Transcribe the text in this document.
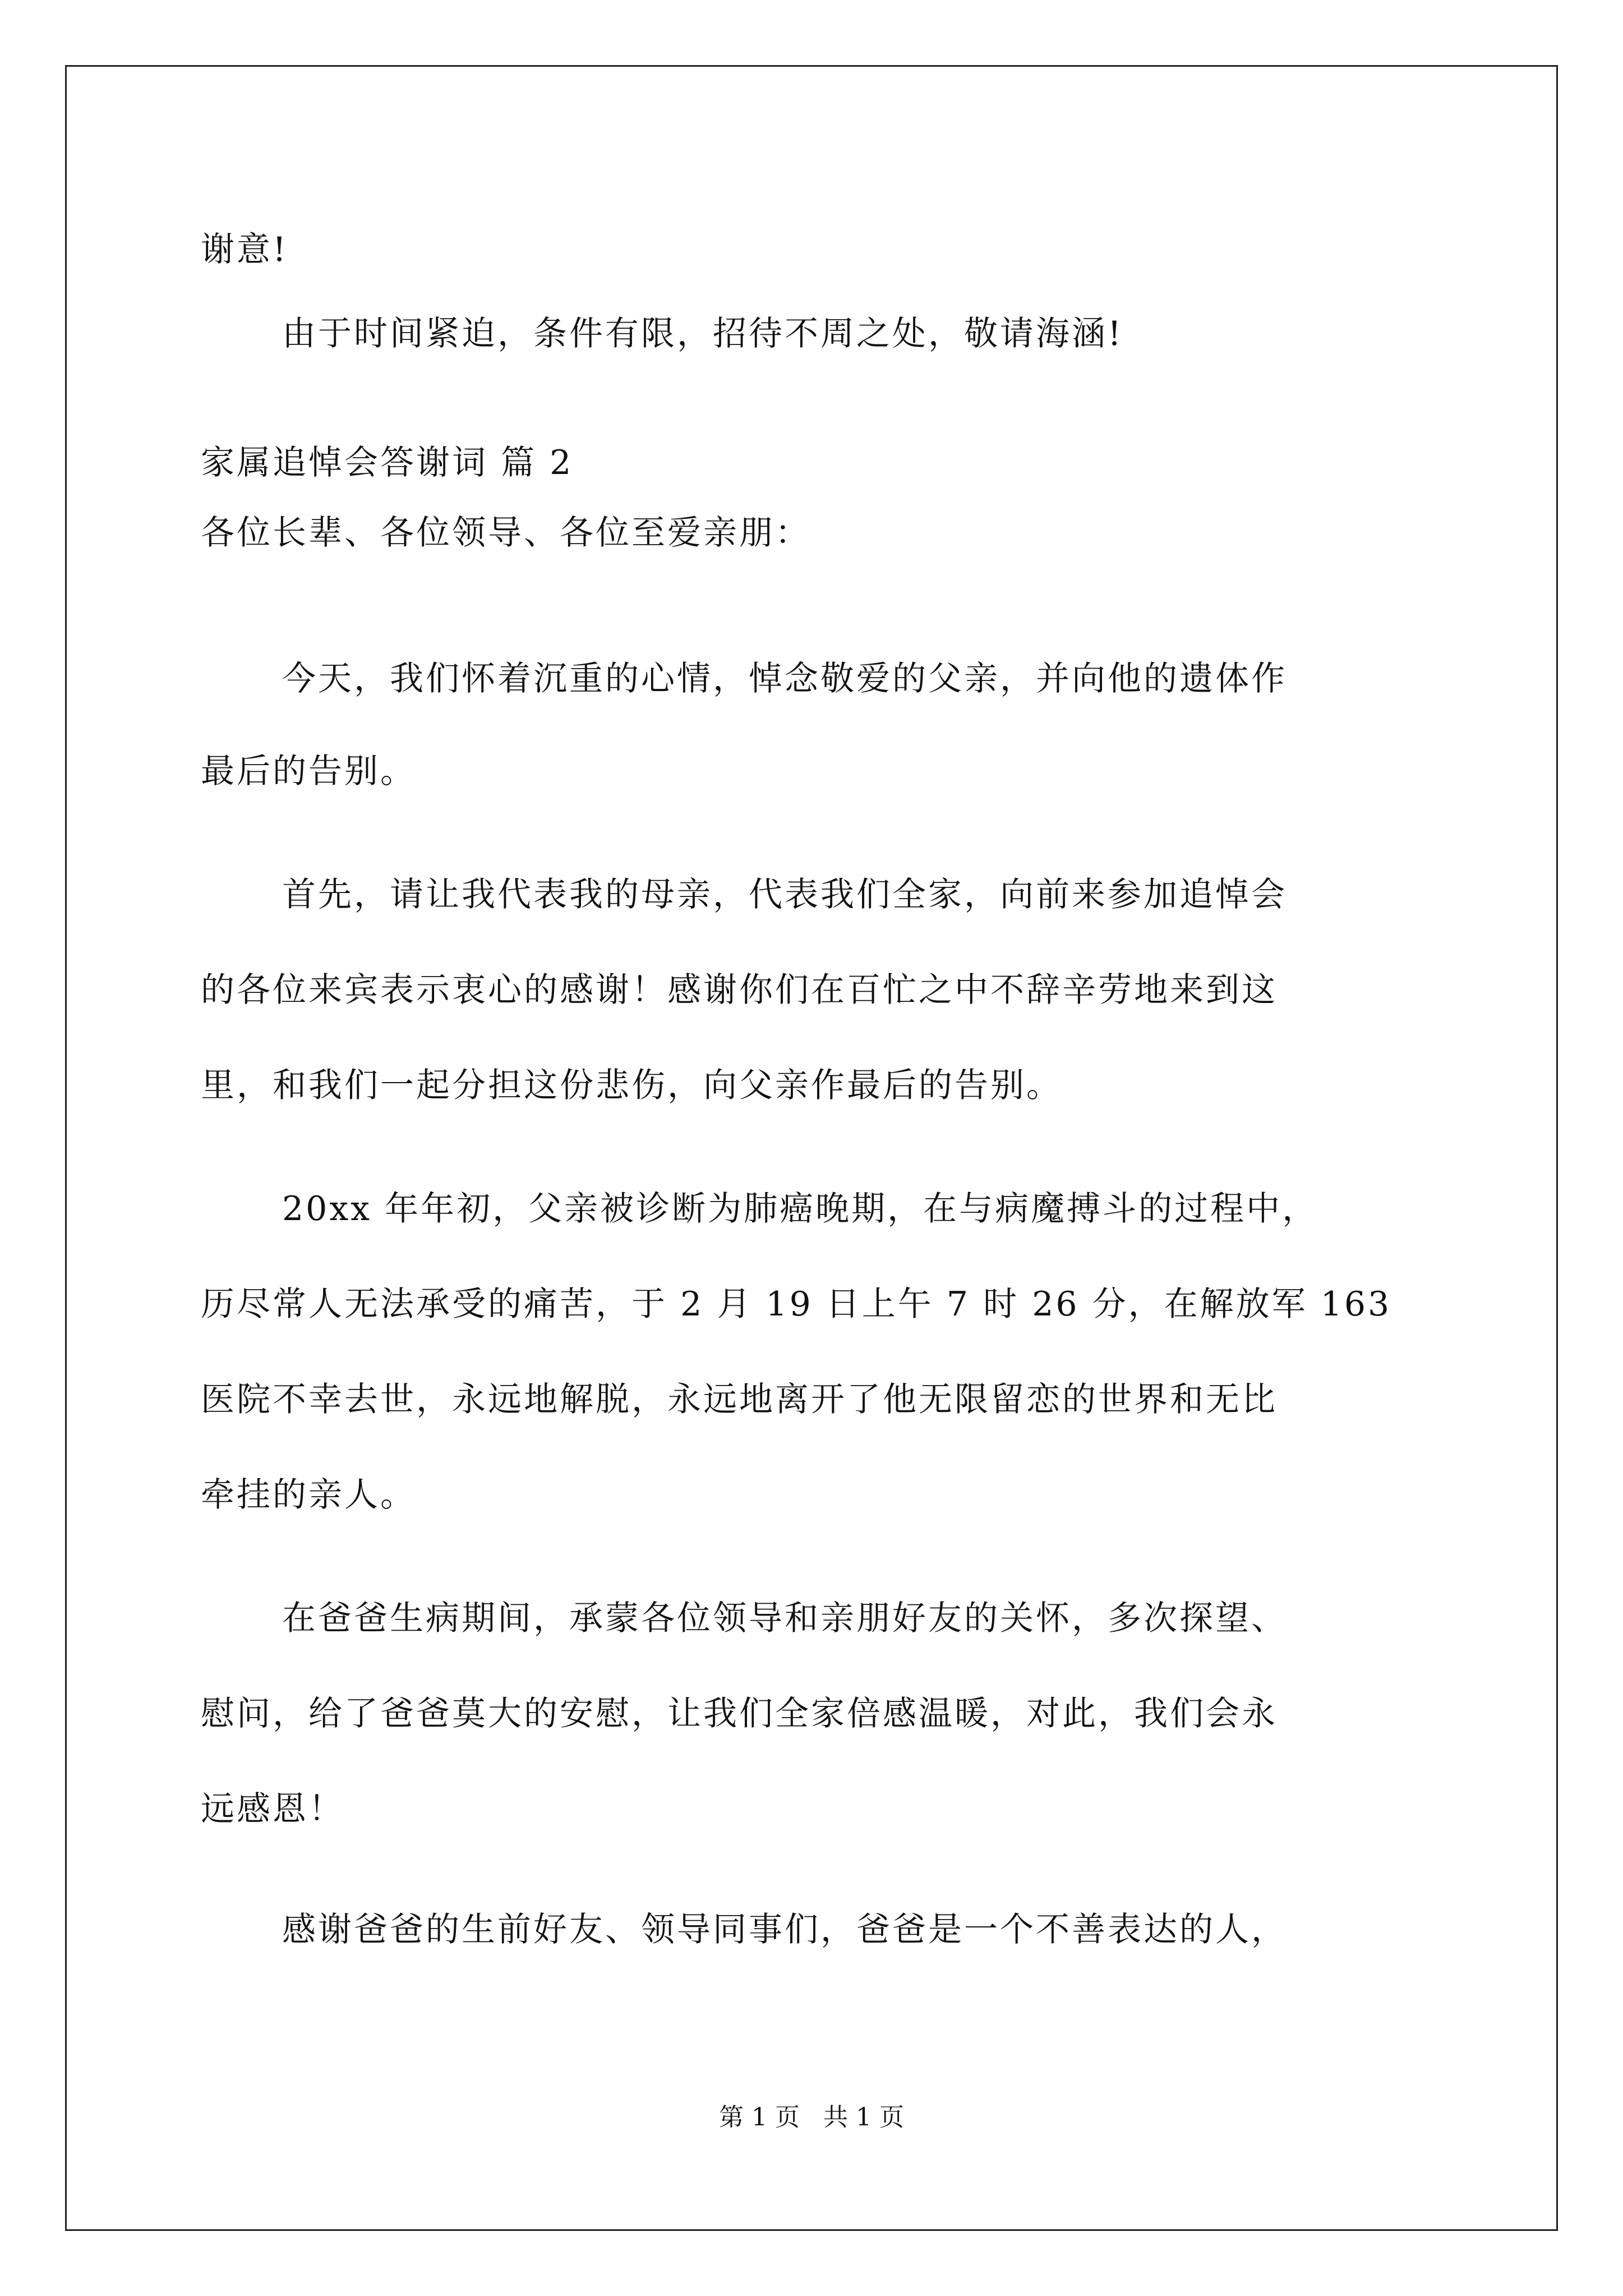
谢意!
由于时间紧迫，条件有限，招待不周之处，敬请海涵!
家属追悼会答谢词 篇 2
各位长辈、各位领导、各位至爱亲朋：
今天，我们怀着沉重的心情，悼念敬爱的父亲，并向他的遗体作
最后的告别。
首先，请让我代表我的母亲，代表我们全家，向前来参加追悼会
的各位来宾表示衷心的感谢！感谢你们在百忙之中不辞辛劳地来到这
里，和我们一起分担这份悲伤，向父亲作最后的告别。
20xx 年年初，父亲被诊断为肺癌晚期，在与病魔搏斗的过程中，
历尽常人无法承受的痛苦，于 2 月 19 日上午 7 时 26 分，在解放军 163
医院不幸去世，永远地解脱，永远地离开了他无限留恋的世界和无比
牵挂的亲人。
在爸爸生病期间，承蒙各位领导和亲朋好友的关怀，多次探望、
慰问，给了爸爸莫大的安慰，让我们全家倍感温暖，对此，我们会永
远感恩！
感谢爸爸的生前好友、领导同事们，爸爸是一个不善表达的人，
第 1 页   共 1 页
